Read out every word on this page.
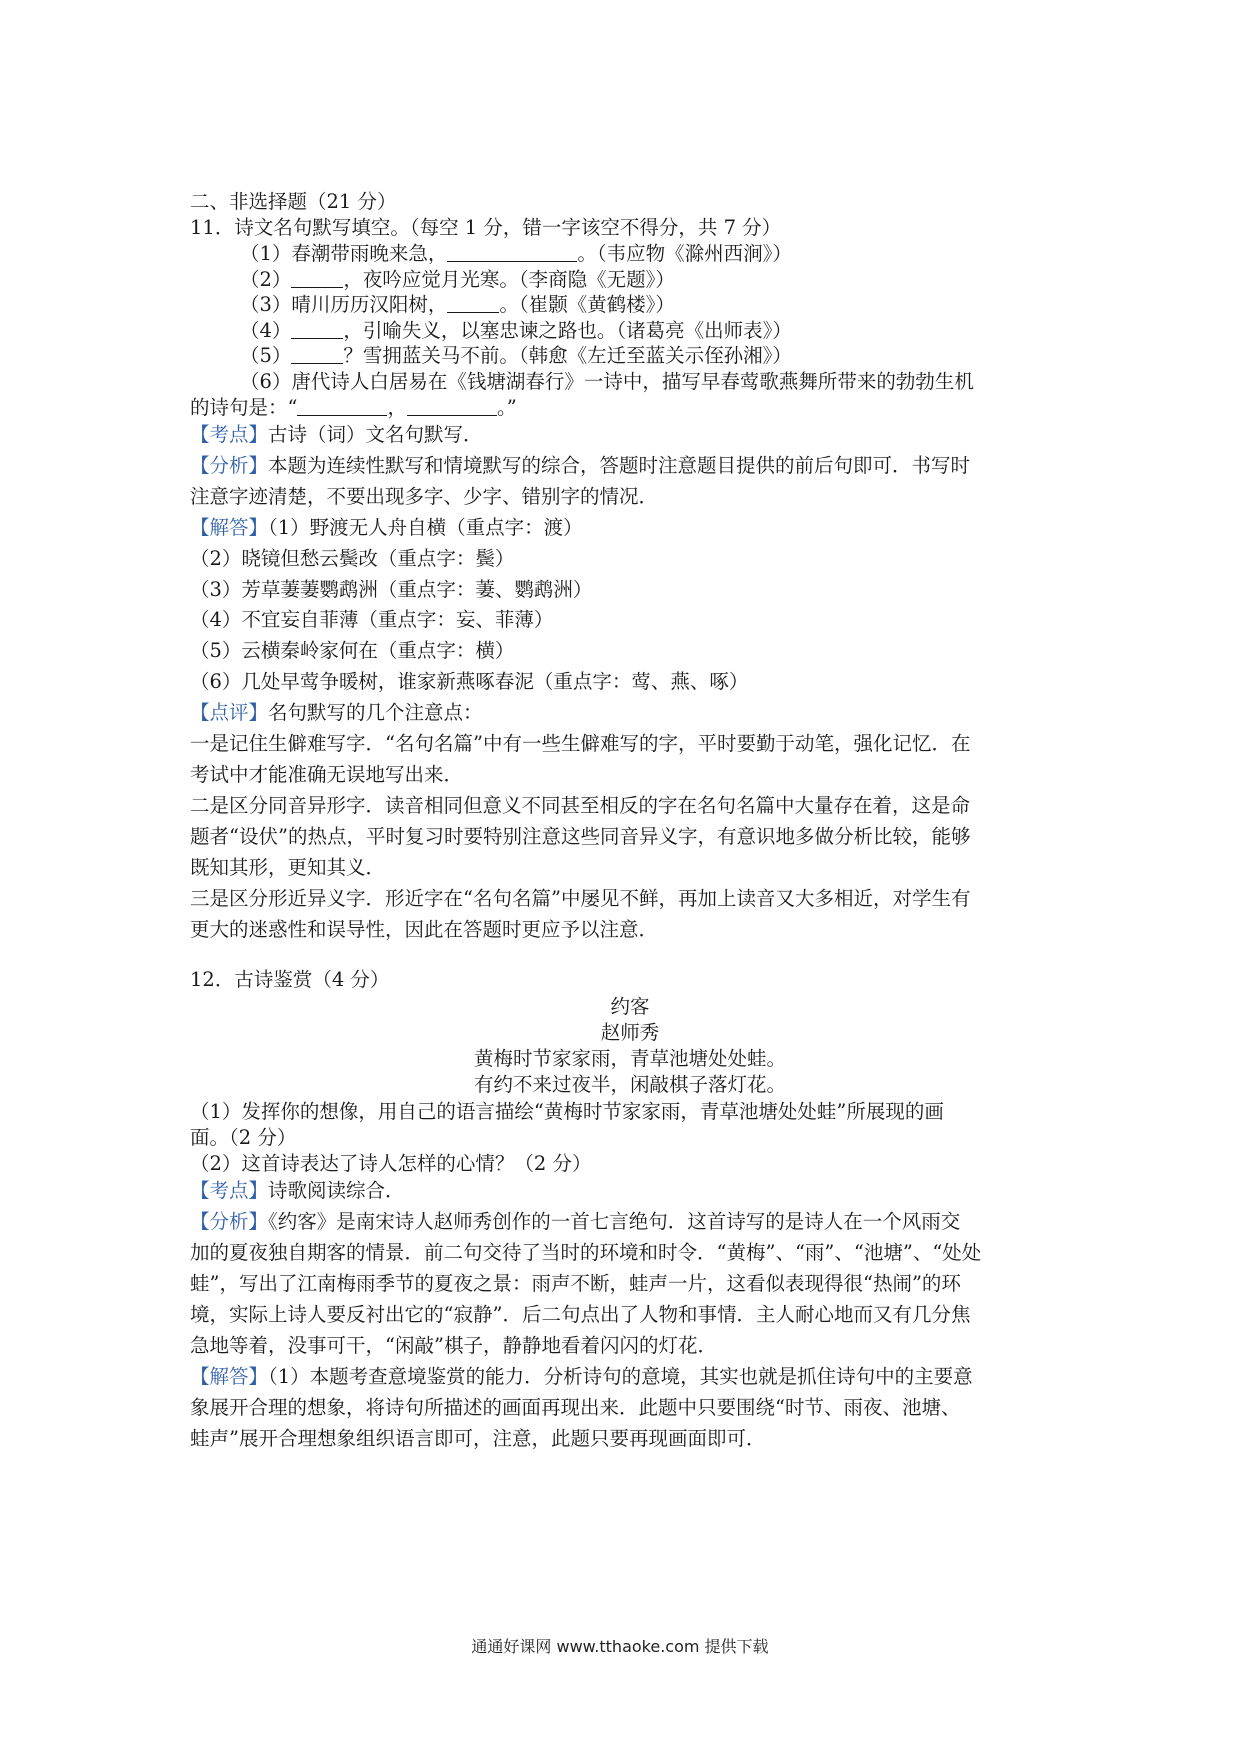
二、非选择题（21 分）
11．诗文名句默写填空。（每空 1 分，错一字该空不得分，共 7 分）
（1）春潮带雨晚来急，	。（韦应物《滁州西涧》）
（2）	，夜吟应觉月光寒。（李商隐《无题》）
（3）晴川历历汉阳树，	。（崔颢《黄鹤楼》）
（4）	，引喻失义，以塞忠谏之路也。（诸葛亮《出师表》）
（5）	？雪拥蓝关马不前。（韩愈《左迁至蓝关示侄孙湘》）
（6）唐代诗人白居易在《钱塘湖春行》一诗中，描写早春莺歌燕舞所带来的勃勃生机
的诗句是：“	，	。”
【考点】古诗（词）文名句默写．
【分析】本题为连续性默写和情境默写的综合，答题时注意题目提供的前后句即可．书写时
注意字迹清楚，不要出现多字、少字、错别字的情况．
【解答】（1）野渡无人舟自横（重点字：渡）
（2）晓镜但愁云鬓改（重点字：鬓）
（3）芳草萋萋鹦鹉洲（重点字：萋、鹦鹉洲）
（4）不宜妄自菲薄（重点字：妄、菲薄）
（5）云横秦岭家何在（重点字：横）
（6）几处早莺争暖树，谁家新燕啄春泥（重点字：莺、燕、啄）
【点评】名句默写的几个注意点：
一是记住生僻难写字．“名句名篇”中有一些生僻难写的字，平时要勤于动笔，强化记忆．在
考试中才能准确无误地写出来．
二是区分同音异形字．读音相同但意义不同甚至相反的字在名句名篇中大量存在着，这是命
题者“设伏”的热点，平时复习时要特别注意这些同音异义字，有意识地多做分析比较，能够
既知其形，更知其义．
三是区分形近异义字．形近字在“名句名篇”中屡见不鲜，再加上读音又大多相近，对学生有
更大的迷惑性和误导性，因此在答题时更应予以注意．
12．古诗鉴赏（4 分）
约客
赵师秀
黄梅时节家家雨，青草池塘处处蛙。
有约不来过夜半，闲敲棋子落灯花。
（1）发挥你的想像，用自己的语言描绘“黄梅时节家家雨，青草池塘处处蛙”所展现的画
面。（2 分）
（2）这首诗表达了诗人怎样的心情？（2 分）
【考点】诗歌阅读综合．
【分析】《约客》是南宋诗人赵师秀创作的一首七言绝句．这首诗写的是诗人在一个风雨交
加的夏夜独自期客的情景．前二句交待了当时的环境和时令．“黄梅”、“雨”、“池塘”、“处处
蛙”，写出了江南梅雨季节的夏夜之景：雨声不断，蛙声一片，这看似表现得很“热闹”的环
境，实际上诗人要反衬出它的“寂静”．后二句点出了人物和事情．主人耐心地而又有几分焦
急地等着，没事可干，“闲敲”棋子，静静地看着闪闪的灯花．
【解答】（1）本题考查意境鉴赏的能力．分析诗句的意境，其实也就是抓住诗句中的主要意
象展开合理的想象，将诗句所描述的画面再现出来．此题中只要围绕“时节、雨夜、池塘、
蛙声”展开合理想象组织语言即可，注意，此题只要再现画面即可．
通通好课网 www.tthaoke.com 提供下载
